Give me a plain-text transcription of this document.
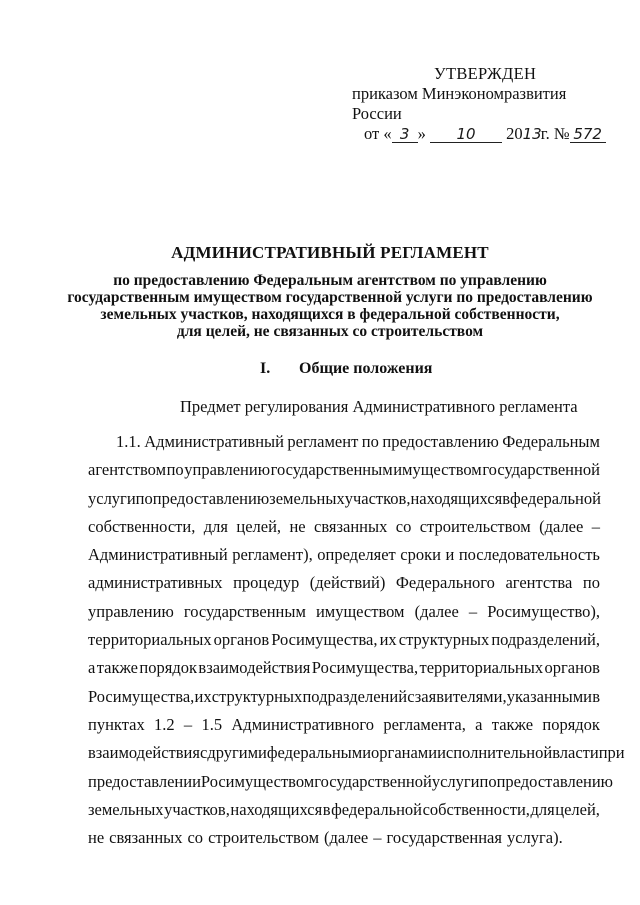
УТВЕРЖДЕН
приказом Минэкономразвития России
от « 3 » 10 2013 г. № 572
АДМИНИСТРАТИВНЫЙ РЕГЛАМЕНТ
по предоставлению Федеральным агентством по управлению
государственным имуществом государственной услуги по предоставлению
земельных участков, находящихся в федеральной собственности,
для целей, не связанных со строительством
I. Общие положения
Предмет регулирования Административного регламента
1.1. Административный регламент по предоставлению Федеральным
агентством по управлению государственным имуществом государственной
услуги по предоставлению земельных участков, находящихся в федеральной
собственности, для целей, не связанных со строительством (далее –
Административный регламент), определяет сроки и последовательность
административных процедур (действий) Федерального агентства по
управлению государственным имуществом (далее – Росимущество),
территориальных органов Росимущества, их структурных подразделений,
а также порядок взаимодействия Росимущества, территориальных органов
Росимущества, их структурных подразделений с заявителями, указанными в
пунктах 1.2 – 1.5 Административного регламента, а также порядок
взаимодействия с другими федеральными органами исполнительной власти при
предоставлении Росимуществом государственной услуги по предоставлению
земельных участков, находящихся в федеральной собственности, для целей,
не связанных со строительством (далее – государственная услуга).
